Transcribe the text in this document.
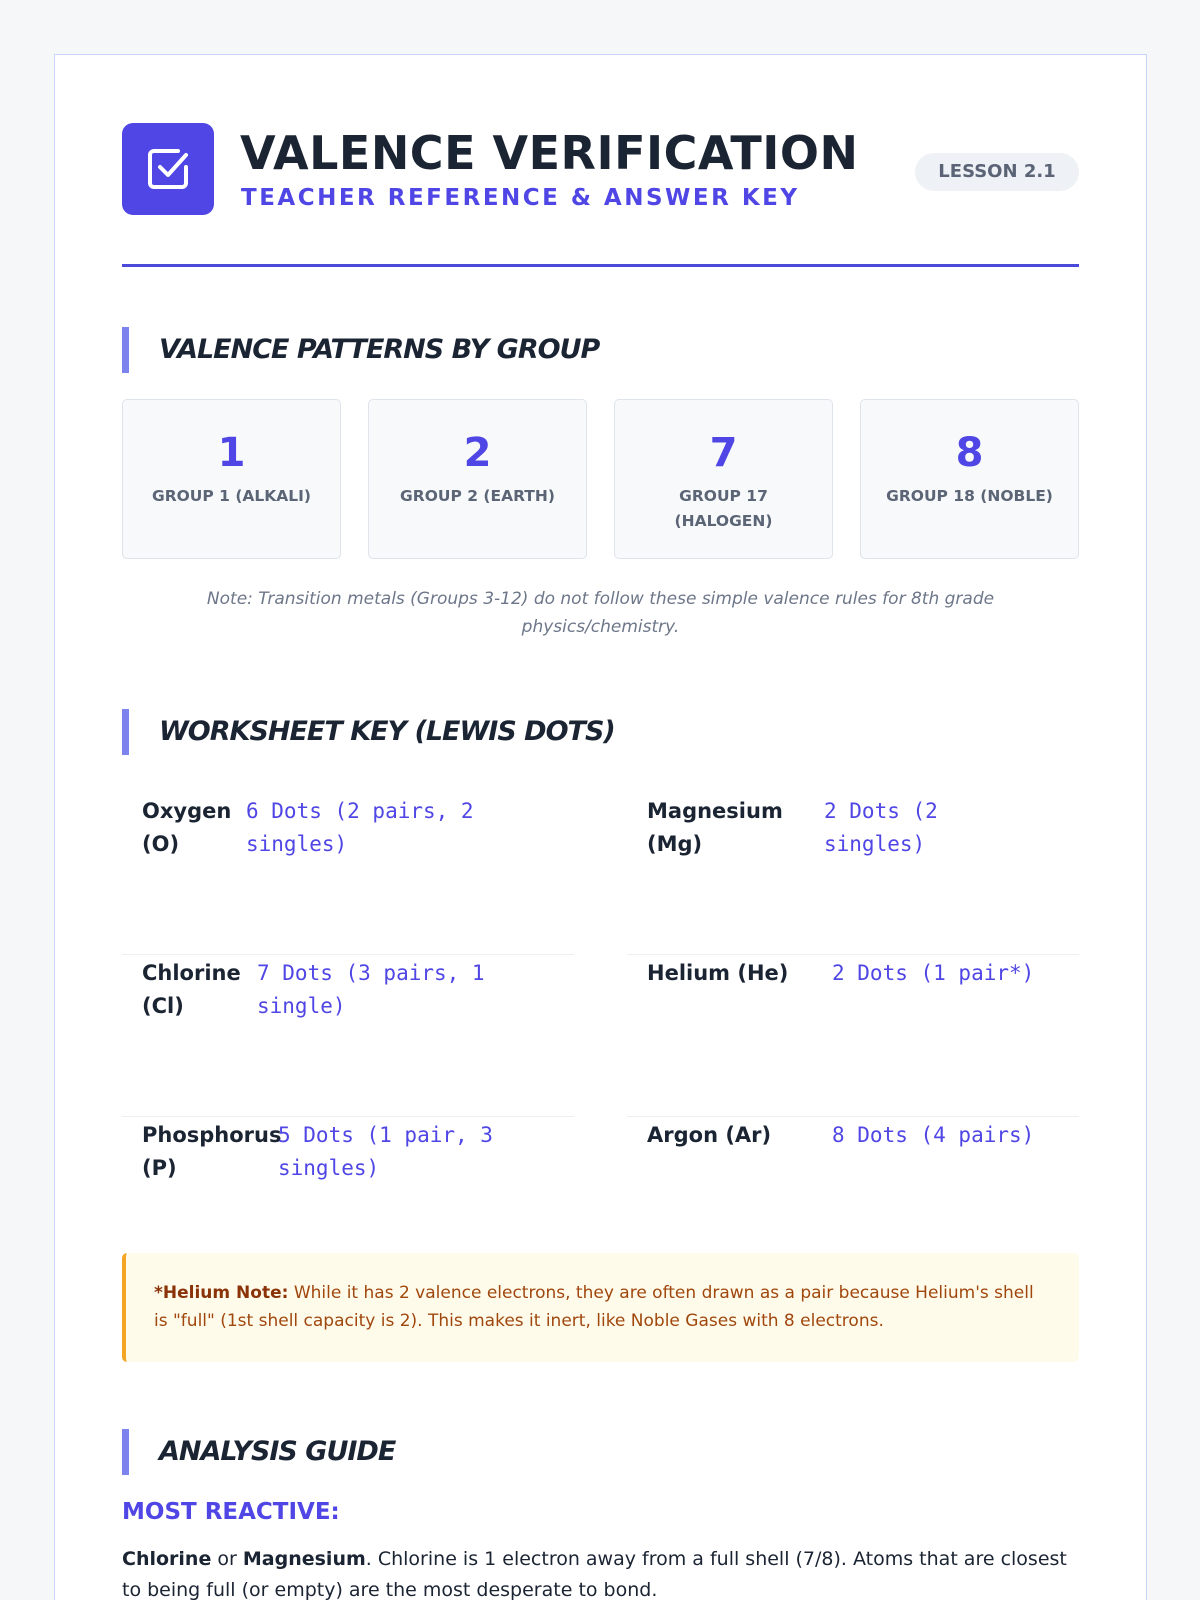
VALENCE VERIFICATION
TEACHER REFERENCE & ANSWER KEY
LESSON 2.1
VALENCE PATTERNS BY GROUP
1
GROUP 1 (ALKALI)
2
GROUP 2 (EARTH)
7
GROUP 17 (HALOGEN)
8
GROUP 18 (NOBLE)
Note: Transition metals (Groups 3-12) do not follow these simple valence rules for 8th grade physics/chemistry.
WORKSHEET KEY (LEWIS DOTS)
Oxygen (O)
6 Dots (2 pairs, 2 singles)
Magnesium (Mg)
2 Dots (2 singles)
Chlorine (Cl)
7 Dots (3 pairs, 1 single)
Helium (He)	2 Dots (1 pair*)
Phosphorus (P)
5 Dots (1 pair, 3 singles)
Argon (Ar)	8 Dots (4 pairs)
*Helium Note: While it has 2 valence electrons, they are often drawn as a pair because Helium's shell is "full" (1st shell capacity is 2). This makes it inert, like Noble Gases with 8 electrons.
ANALYSIS GUIDE
MOST REACTIVE:
Chlorine or Magnesium. Chlorine is 1 electron away from a full shell (7/8). Atoms that are closest to being full (or empty) are the most desperate to bond.
